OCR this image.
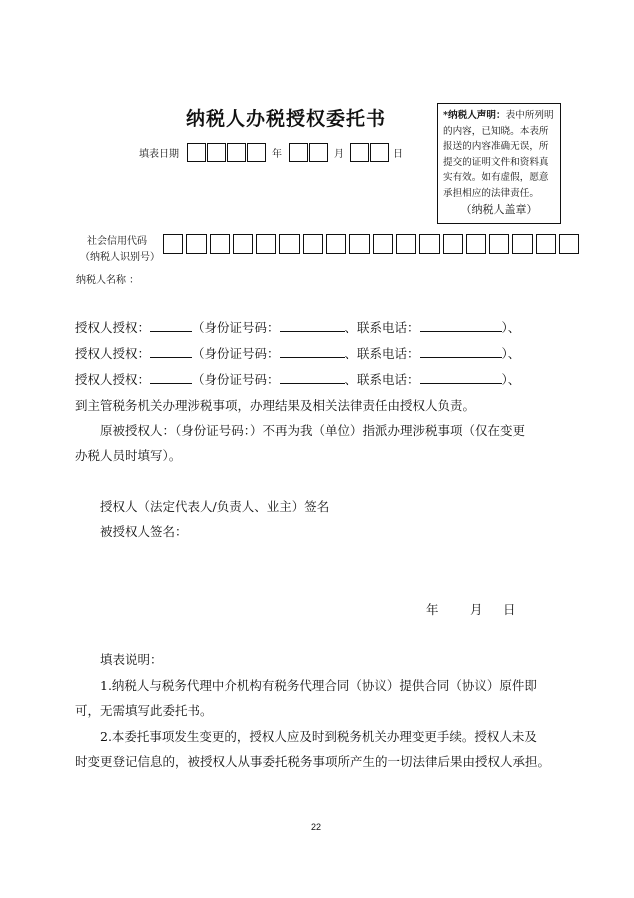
纳税人办税授权委托书
填表日期	年	月	日
*纳税人声明：表中所列明的内容，已知晓。本表所报送的内容准确无误，所提交的证明文件和资料真实有效。如有虚假，愿意承担相应的法律责任。
（纳税人盖章）
社会信用代码
（纳税人识别号）
纳税人名称 ：
授权人授权：	（身份证号码：	、联系电话：	）、
授权人授权：	（身份证号码：	、联系电话：	）、
授权人授权：	（身份证号码：	、联系电话：	）、
到主管税务机关办理涉税事项，办理结果及相关法律责任由授权人负责。
原被授权人：（身份证号码：）不再为我（单位）指派办理涉税事项（仅在变更
办税人员时填写）。
授权人（法定代表人/负责人、业主）签名
被授权人签名：
年	月 日
填表说明：
1.纳税人与税务代理中介机构有税务代理合同（协议）提供合同（协议）原件即
可，无需填写此委托书。
2.本委托事项发生变更的，授权人应及时到税务机关办理变更手续。授权人未及
时变更登记信息的，被授权人从事委托税务事项所产生的一切法律后果由授权人承担。
22
